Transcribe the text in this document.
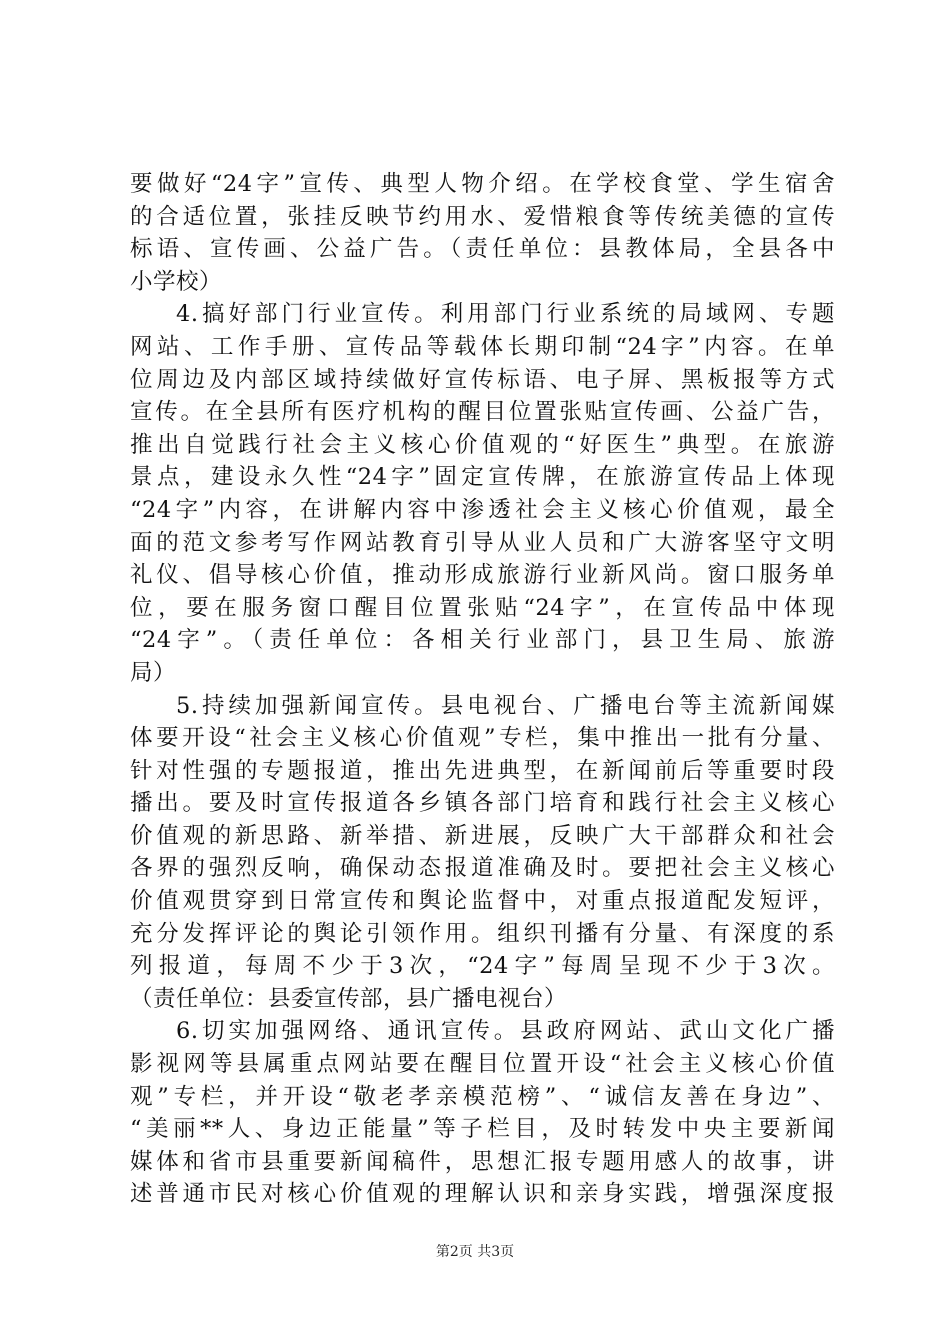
要做好“24字”宣传、典型人物介绍。在学校食堂、学生宿舍
的合适位置，张挂反映节约用水、爱惜粮食等传统美德的宣传
标语、宣传画、公益广告。（责任单位：县教体局，全县各中
小学校）
4.搞好部门行业宣传。利用部门行业系统的局域网、专题
网站、工作手册、宣传品等载体长期印制“24字”内容。在单
位周边及内部区域持续做好宣传标语、电子屏、黑板报等方式
宣传。在全县所有医疗机构的醒目位置张贴宣传画、公益广告，
推出自觉践行社会主义核心价值观的“好医生”典型。在旅游
景点，建设永久性“24字”固定宣传牌，在旅游宣传品上体现
“24字”内容，在讲解内容中渗透社会主义核心价值观，最全
面的范文参考写作网站教育引导从业人员和广大游客坚守文明
礼仪、倡导核心价值，推动形成旅游行业新风尚。窗口服务单
位，要在服务窗口醒目位置张贴“24字”，在宣传品中体现
“24字”。（责任单位：各相关行业部门，县卫生局、旅游
局）
5.持续加强新闻宣传。县电视台、广播电台等主流新闻媒
体要开设“社会主义核心价值观”专栏，集中推出一批有分量、
针对性强的专题报道，推出先进典型，在新闻前后等重要时段
播出。要及时宣传报道各乡镇各部门培育和践行社会主义核心
价值观的新思路、新举措、新进展，反映广大干部群众和社会
各界的强烈反响，确保动态报道准确及时。要把社会主义核心
价值观贯穿到日常宣传和舆论监督中，对重点报道配发短评，
充分发挥评论的舆论引领作用。组织刊播有分量、有深度的系
列报道，每周不少于3次，“24字”每周呈现不少于3次。
（责任单位：县委宣传部，县广播电视台）
6.切实加强网络、通讯宣传。县政府网站、武山文化广播
影视网等县属重点网站要在醒目位置开设“社会主义核心价值
观”专栏，并开设“敬老孝亲模范榜”、“诚信友善在身边”、
“美丽**人、身边正能量”等子栏目，及时转发中央主要新闻
媒体和省市县重要新闻稿件，思想汇报专题用感人的故事，讲
述普通市民对核心价值观的理解认识和亲身实践，增强深度报
第2页 共3页
